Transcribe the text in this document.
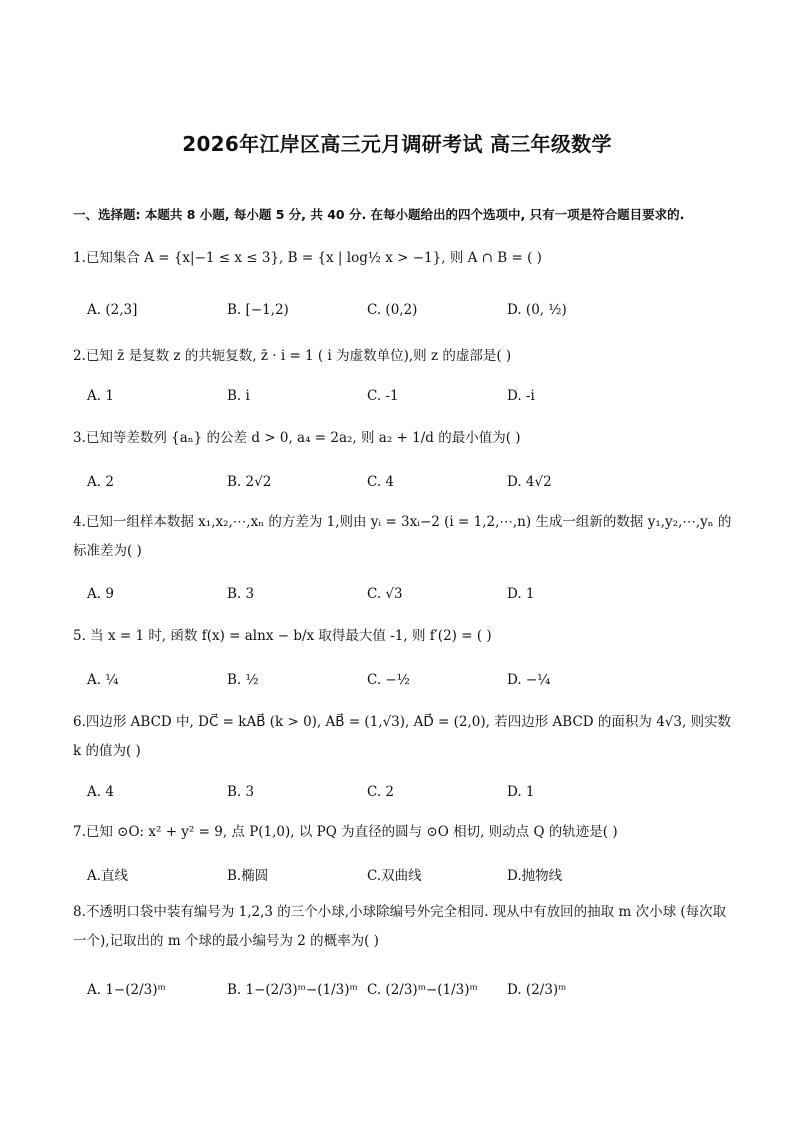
2026年江岸区高三元月调研考试 高三年级数学
一、选择题: 本题共 8 小题, 每小题 5 分, 共 40 分. 在每小题给出的四个选项中, 只有一项是符合题目要求的.
1.已知集合 A = {x|−1 ≤ x ≤ 3}, B = {x | log½ x > −1}, 则 A ∩ B = ( )
A. (2,3]	B. [−1,2)	C. (0,2)	D. (0, ½)
2.已知 z̄ 是复数 z 的共轭复数, z̄ · i = 1 ( i 为虚数单位),则 z 的虚部是( )
A. 1	B. i	C. -1	D. -i
3.已知等差数列 {aₙ} 的公差 d > 0, a₄ = 2a₂, 则 a₂ + 1/d 的最小值为( )
A. 2	B. 2√2	C. 4	D. 4√2
4.已知一组样本数据 x₁,x₂,⋯,xₙ 的方差为 1,则由 yᵢ = 3xᵢ−2 (i = 1,2,⋯,n) 生成一组新的数据 y₁,y₂,⋯,yₙ 的标准差为( )
A. 9	B. 3	C. √3	D. 1
5. 当 x = 1 时, 函数 f(x) = alnx − b/x 取得最大值 -1, 则 f′(2) = ( )
A. ¼	B. ½	C. −½	D. −¼
6.四边形 ABCD 中, DC⃗ = kAB⃗ (k > 0), AB⃗ = (1,√3), AD⃗ = (2,0), 若四边形 ABCD 的面积为 4√3, 则实数 k 的值为( )
A. 4	B. 3	C. 2	D. 1
7.已知 ⊙O: x² + y² = 9, 点 P(1,0), 以 PQ 为直径的圆与 ⊙O 相切, 则动点 Q 的轨迹是( )
A.直线	B.椭圆	C.双曲线	D.抛物线
8.不透明口袋中装有编号为 1,2,3 的三个小球,小球除编号外完全相同. 现从中有放回的抽取 m 次小球 (每次取一个),记取出的 m 个球的最小编号为 2 的概率为( )
A. 1−(2/3)ᵐ	B. 1−(2/3)ᵐ−(1/3)ᵐ C. (2/3)ᵐ−(1/3)ᵐ D. (2/3)ᵐ
